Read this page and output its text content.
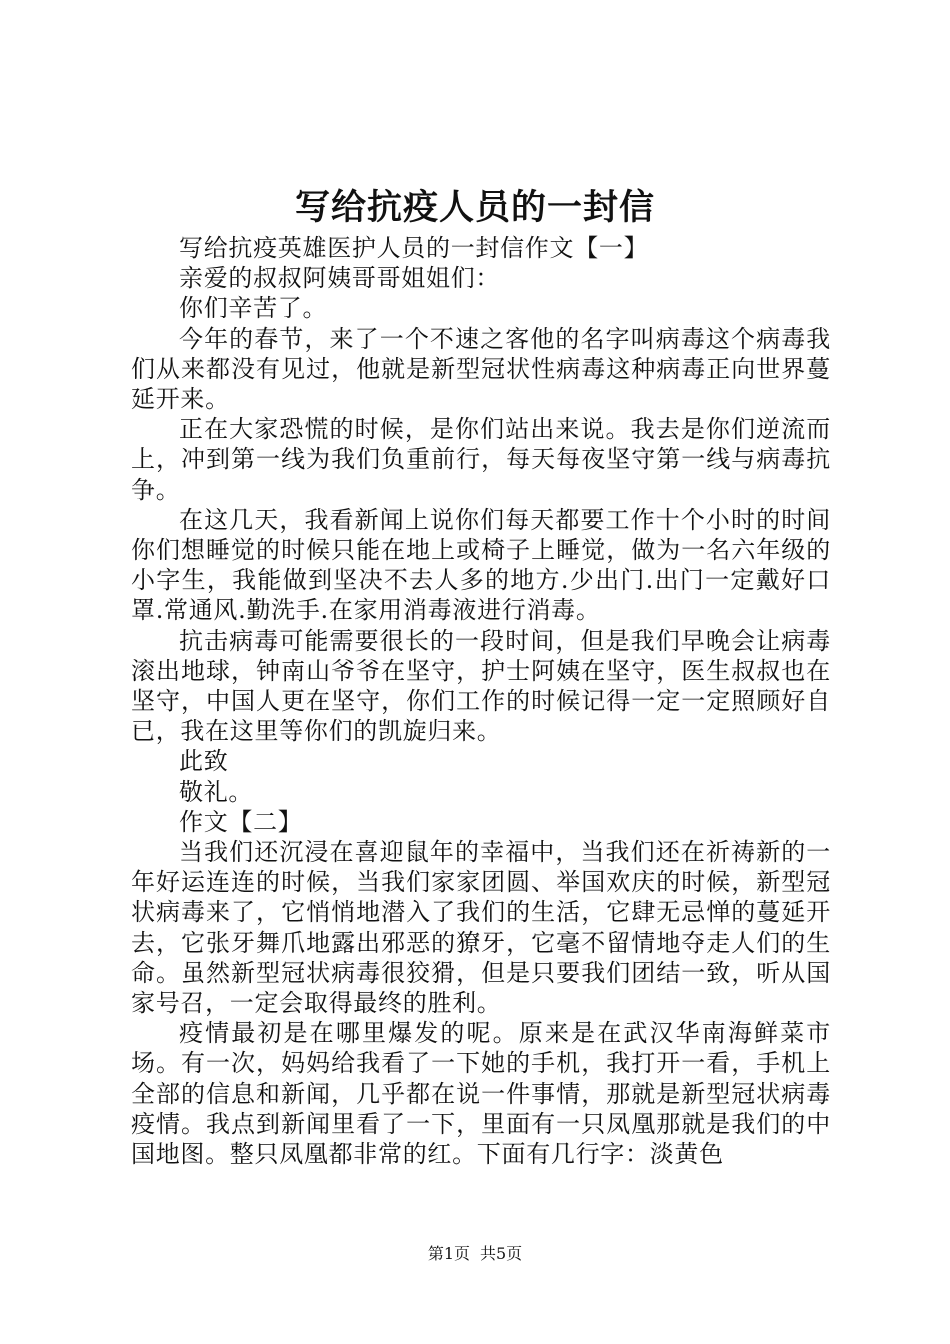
写给抗疫人员的一封信

写给抗疫英雄医护人员的一封信作文【一】

亲爱的叔叔阿姨哥哥姐姐们：

你们辛苦了。

今年的春节，来了一个不速之客他的名字叫病毒这个病毒我们从来都没有见过，他就是新型冠状性病毒这种病毒正向世界蔓延开来。

正在大家恐慌的时候，是你们站出来说。我去是你们逆流而上，冲到第一线为我们负重前行，每天每夜坚守第一线与病毒抗争。

在这几天，我看新闻上说你们每天都要工作十个小时的时间你们想睡觉的时候只能在地上或椅子上睡觉，做为一名六年级的小字生，我能做到坚决不去人多的地方.少出门.出门一定戴好口罩.常通风.勤洗手.在家用消毒液进行消毒。

抗击病毒可能需要很长的一段时间，但是我们早晚会让病毒滚出地球，钟南山爷爷在坚守，护士阿姨在坚守，医生叔叔也在坚守，中国人更在坚守，你们工作的时候记得一定一定照顾好自已，我在这里等你们的凯旋归来。

此致

敬礼。

作文【二】

当我们还沉浸在喜迎鼠年的幸福中，当我们还在祈祷新的一年好运连连的时候，当我们家家团圆、举国欢庆的时候，新型冠状病毒来了，它悄悄地潜入了我们的生活，它肆无忌惮的蔓延开去，它张牙舞爪地露出邪恶的獠牙，它毫不留情地夺走人们的生命。虽然新型冠状病毒很狡猾，但是只要我们团结一致，听从国家号召，一定会取得最终的胜利。

疫情最初是在哪里爆发的呢。原来是在武汉华南海鲜菜市场。有一次，妈妈给我看了一下她的手机，我打开一看，手机上全部的信息和新闻，几乎都在说一件事情，那就是新型冠状病毒疫情。我点到新闻里看了一下，里面有一只凤凰那就是我们的中国地图。整只凤凰都非常的红。下面有几行字：淡黄色

第1页 共5页
